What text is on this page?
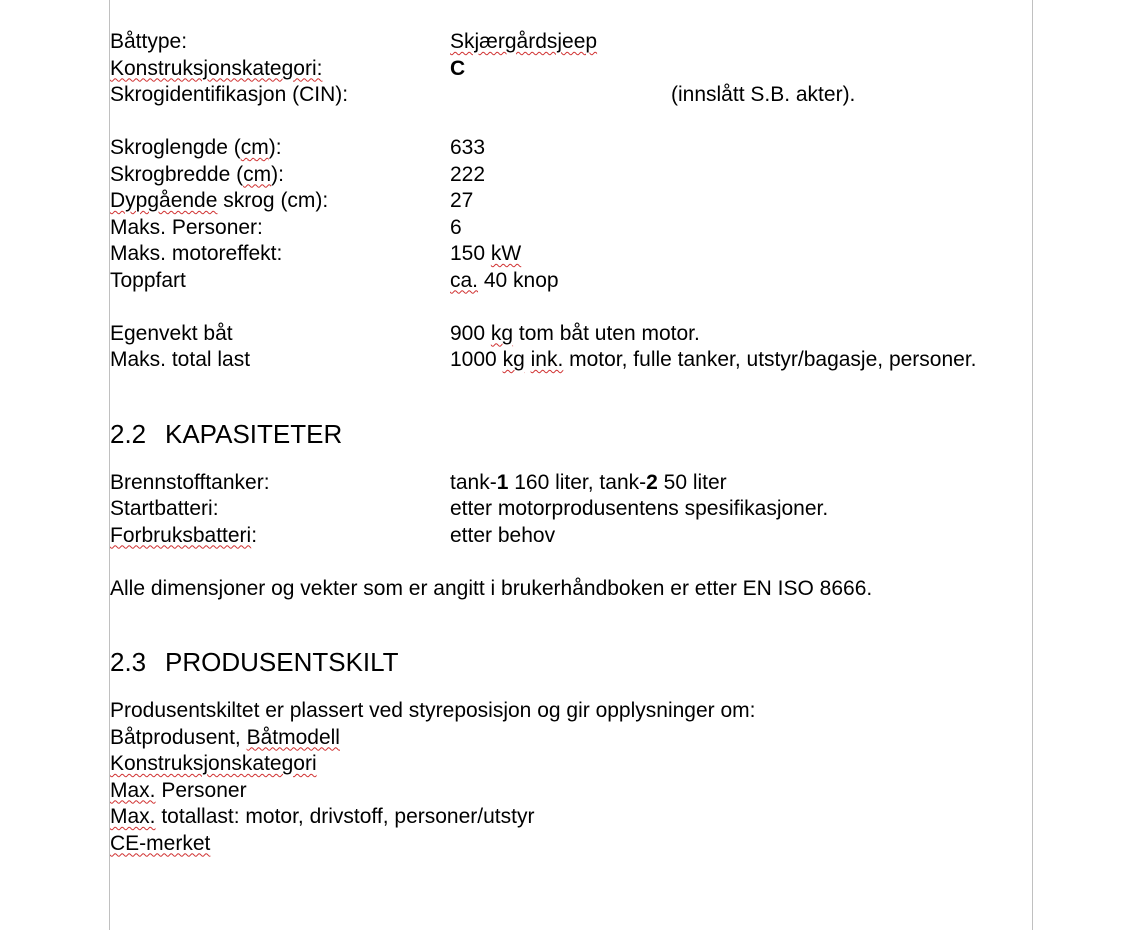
Båttype:	Skjærgårdsjeep
Konstruksjonskategori:	C
Skrogidentifikasjon (CIN):	(innslått S.B. akter).
Skroglengde (cm):	633
Skrogbredde (cm):	222
Dypgående skrog (cm):	27
Maks. Personer:	6
Maks. motoreffekt:	150 kW
Toppfart	ca. 40 knop
Egenvekt båt	900 kg tom båt uten motor.
Maks. total last	1000 kg ink. motor, fulle tanker, utstyr/bagasje, personer.
2.2 KAPASITETER
Brennstofftanker:	tank-1 160 liter, tank-2 50 liter
Startbatteri:	etter motorprodusentens spesifikasjoner.
Forbruksbatteri:	etter behov
Alle dimensjoner og vekter som er angitt i brukerhåndboken er etter EN ISO 8666.
2.3 PRODUSENTSKILT
Produsentskiltet er plassert ved styreposisjon og gir opplysninger om:
Båtprodusent, Båtmodell
Konstruksjonskategori
Max. Personer
Max. totallast: motor, drivstoff, personer/utstyr
CE-merket
